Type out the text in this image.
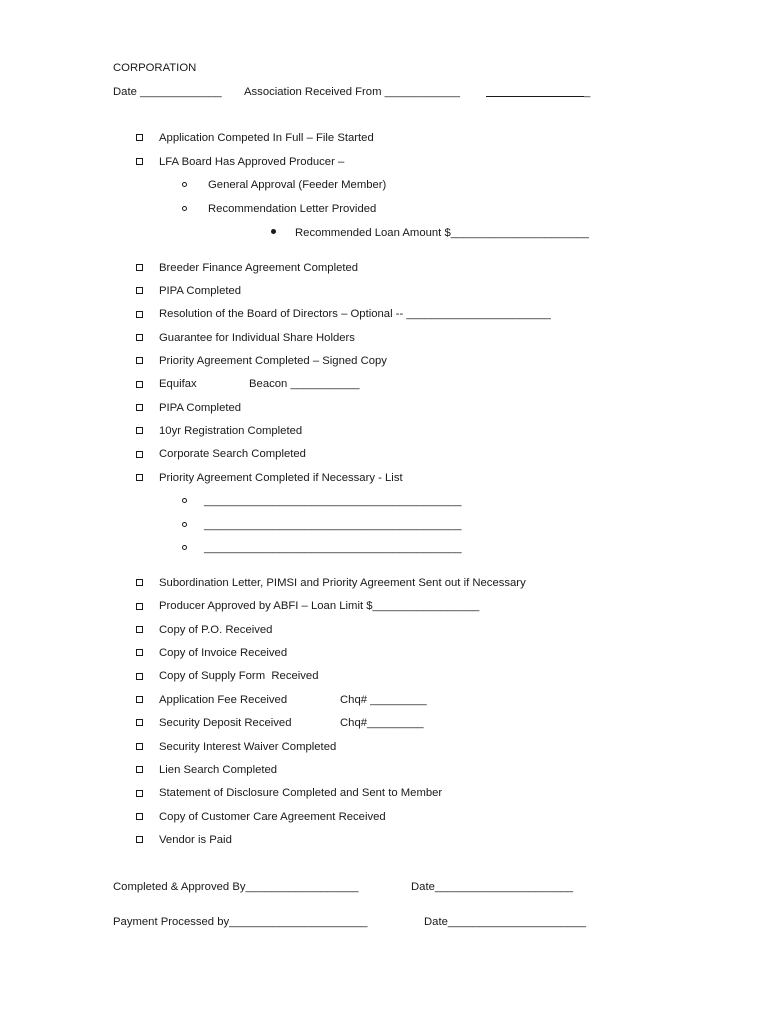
CORPORATION
Date _____________ Association Received From ____________	_
Application Competed In Full – File Started
LFA Board Has Approved Producer –
General Approval (Feeder Member)
Recommendation Letter Provided
Recommended Loan Amount $______________________
Breeder Finance Agreement Completed
PIPA Completed
Resolution of the Board of Directors – Optional -- _______________________
Guarantee for Individual Share Holders
Priority Agreement Completed – Signed Copy
Equifax	Beacon ___________
PIPA Completed
10yr Registration Completed
Corporate Search Completed
Priority Agreement Completed if Necessary - List
_________________________________________
_________________________________________
_________________________________________
Subordination Letter, PIMSI and Priority Agreement Sent out if Necessary
Producer Approved by ABFI – Loan Limit $_________________
Copy of P.O. Received
Copy of Invoice Received
Copy of Supply Form  Received
Application Fee Received	Chq# _________
Security Deposit Received	Chq#_________
Security Interest Waiver Completed
Lien Search Completed
Statement of Disclosure Completed and Sent to Member
Copy of Customer Care Agreement Received
Vendor is Paid
Completed & Approved By__________________	Date______________________
Payment Processed by______________________	Date______________________
